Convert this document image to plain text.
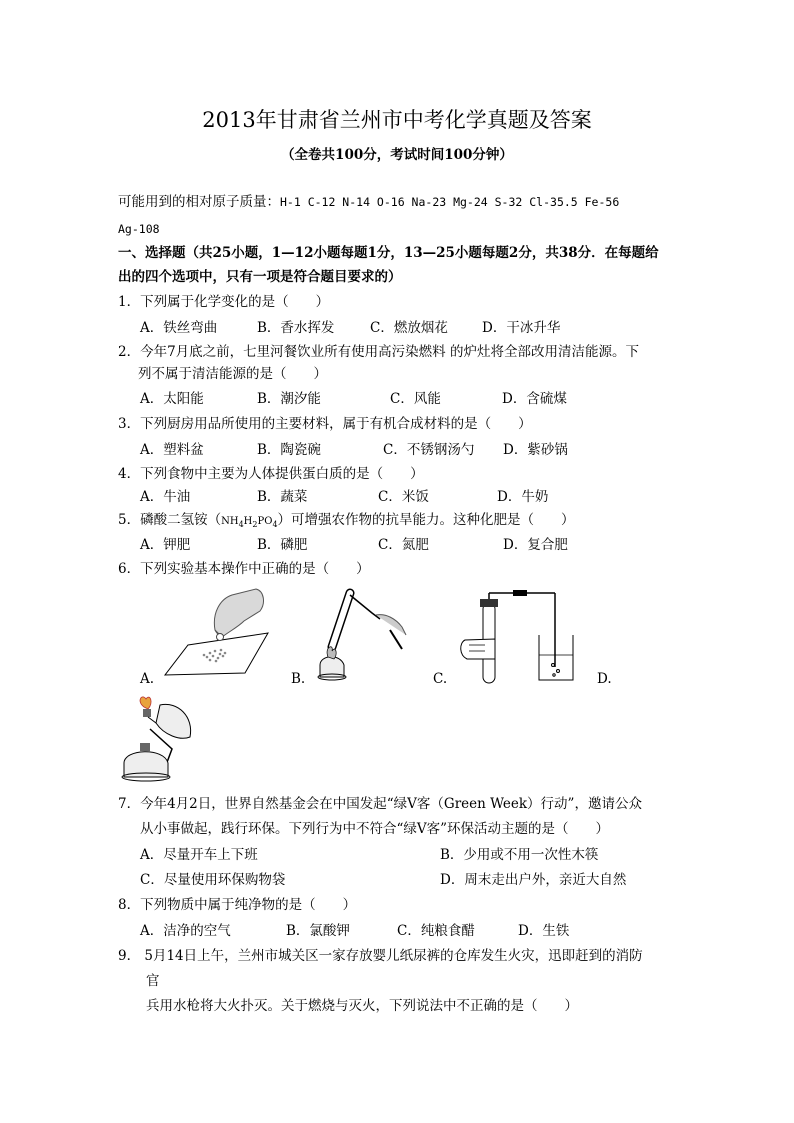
2013年甘肃省兰州市中考化学真题及答案
（全卷共100分，考试时间100分钟）
可能用到的相对原子质量：H-1 C-12 N-14 O-16 Na-23 Mg-24 S-32 Cl-35.5 Fe-56
Ag-108
一、选择题（共25小题，1—12小题每题1分，13—25小题每题2分，共38分．在每题给
出的四个选项中，只有一项是符合题目要求的）
1．下列属于化学变化的是（　　）
A．铁丝弯曲	B．香水挥发	C．燃放烟花	D．干冰升华
2．今年7月底之前，七里河餐饮业所有使用高污染燃料 的炉灶将全部改用清洁能源。下
列不属于清洁能源的是（　　）
A．太阳能	B．潮汐能	C．风能	D．含硫煤
3．下列厨房用品所使用的主要材料，属于有机合成材料的是（　　）
A．塑料盆	B．陶瓷碗	C．不锈钢汤勺 D．紫砂锅
4．下列食物中主要为人体提供蛋白质的是（　　）
A．牛油	B．蔬菜	C．米饭	D．牛奶
5．磷酸二氢铵$(NH_4H_2PO_4)$可增强农作物的抗旱能力。这种化肥是（　　）
A．钾肥	B．磷肥	C．氮肥	D．复合肥
6．下列实验基本操作中正确的是（　　）
A.	B.	C.	D.
7．今年4月2日，世界自然基金会在中国发起“绿V客（Green Week）行动”，邀请公众
从小事做起，践行环保。下列行为中不符合“绿V客”环保活动主题的是（　　）
A．尽量开车上下班	B．少用或不用一次性木筷
C．尽量使用环保购物袋	D．周末走出户外，亲近大自然
8．下列物质中属于纯净物的是（　　）
A．洁净的空气	B．氯酸钾	C．纯粮食醋	D．生铁
9． 5月14日上午，兰州市城关区一家存放婴儿纸尿裤的仓库发生火灾，迅即赶到的消防
官
兵用水枪将大火扑灭。关于燃烧与灭火，下列说法中不正确的是（　　）
